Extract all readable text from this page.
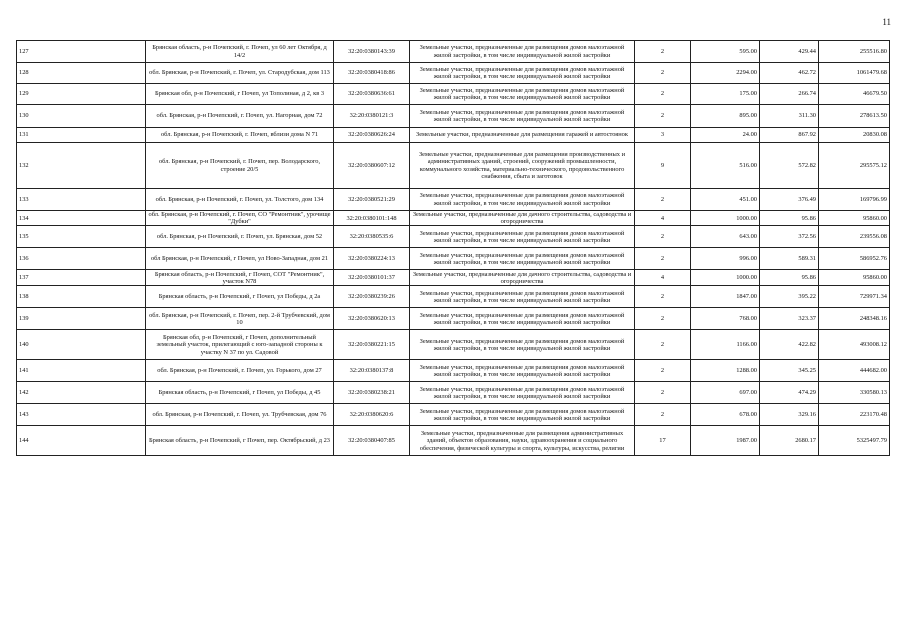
11
127	Брянская область, р-н Почепский, г. Почеп, ул 60 лет Октября, д 14/2	32:20:0380143:39	Земельные участки, предназначенные для размещения домов малоэтажной жилой застройки, в том числе индивидуальной жилой застройки	2	595.00	429.44	255516.80
128	обл. Брянская, р-н Почепский, г. Почеп, ул. Стародубская, дом 113	32:20:0380418:86	Земельные участки, предназначенные для размещения домов малоэтажной жилой застройки, в том числе индивидуальной жилой застройки	2	2294.00	462.72	1061479.68
129	Брянская обл, р-н Почепский, г Почеп, ул Тополиная, д 2, кв 3	32:20:0380636:61	Земельные участки, предназначенные для размещения домов малоэтажной жилой застройки, в том числе индивидуальной жилой застройки	2	175.00	266.74	46679.50
130	обл. Брянская, р-н Почепский, г. Почеп, ул. Нагорная, дом 72	32:20:0380121:3	Земельные участки, предназначенные для размещения домов малоэтажной жилой застройки, в том числе индивидуальной жилой застройки	2	895.00	311.30	278613.50
131	обл. Брянская, р-н Почепский, г. Почеп, вблизи дома N 71	32:20:0380626:24	Земельные участки, предназначенные для размещения гаражей и автостоянок	3	24.00	867.92	20830.08
132	обл. Брянская, р-н Почепский, г. Почеп, пер. Володарского, строение 20/5	32:20:0380607:12	Земельные участки, предназначенные для размещения производственных и административных зданий, строений, сооружений промышленности, коммунального хозяйства, материально-технического, продовольственного снабжения, сбыта и заготовок	9	516.00	572.82	295575.12
133	обл. Брянская, р-н Почепский, г. Почеп, ул. Толстого, дом 134	32:20:0380521:29	Земельные участки, предназначенные для размещения домов малоэтажной жилой застройки, в том числе индивидуальной жилой застройки	2	451.00	376.49	169796.99
134	обл. Брянская, р-н Почепский, г. Почеп, СО "Ремонтник", урочище "Дубки"	32:20:0380101:148	Земельные участки, предназначенные для дачного строительства, садоводства и огородничества	4	1000.00	95.86	95860.00
135	обл. Брянская, р-н Почепский, г. Почеп, ул. Брянская, дом 52	32:20:0380535:6	Земельные участки, предназначенные для размещения домов малоэтажной жилой застройки, в том числе индивидуальной жилой застройки	2	643.00	372.56	239556.08
136	обл Брянская, р-н Почепский, г Почеп, ул Ново-Западная, дом 21	32:20:0380224:13	Земельные участки, предназначенные для размещения домов малоэтажной жилой застройки, в том числе индивидуальной жилой застройки	2	996.00	589.31	586952.76
137	Брянская область, р-н Почепский, г Почеп, СОТ "Ремонтник", участок N78	32:20:0380101:37	Земельные участки, предназначенные для дачного строительства, садоводства и огородничества	4	1000.00	95.86	95860.00
138	Брянская область, р-н Почепский, г Почеп, ул Победы, д 2а	32:20:0380239:26	Земельные участки, предназначенные для размещения домов малоэтажной жилой застройки, в том числе индивидуальной жилой застройки	2	1847.00	395.22	729971.34
139	обл. Брянская, р-н Почепский, г. Почеп, пер. 2-й Трубчевский, дом 10	32:20:0380620:13	Земельные участки, предназначенные для размещения домов малоэтажной жилой застройки, в том числе индивидуальной жилой застройки	2	768.00	323.37	248348.16
140	Брянская обл, р-н Почепский, г Почеп, дополнительный земельный участок, прилегающий с юго-западной стороны к участку N 37 по ул. Садовой	32:20:0380221:15	Земельные участки, предназначенные для размещения домов малоэтажной жилой застройки, в том числе индивидуальной жилой застройки	2	1166.00	422.82	493008.12
141	обл. Брянская, р-н Почепский, г. Почеп, ул. Горького, дом 27	32:20:0380137:8	Земельные участки, предназначенные для размещения домов малоэтажной жилой застройки, в том числе индивидуальной жилой застройки	2	1288.00	345.25	444682.00
142	Брянская область, р-н Почепский, г Почеп, ул Победы, д 45	32:20:0380238:21	Земельные участки, предназначенные для размещения домов малоэтажной жилой застройки, в том числе индивидуальной жилой застройки	2	697.00	474.29	330580.13
143	обл. Брянская, р-н Почепский, г. Почеп, ул. Трубчевская, дом 76	32:20:0380620:6	Земельные участки, предназначенные для размещения домов малоэтажной жилой застройки, в том числе индивидуальной жилой застройки	2	678.00	329.16	223170.48
144	Брянская область, р-н Почепский, г Почеп, пер. Октябрьский, д 23	32:20:0380407:85	Земельные участки, предназначенные для размещения административных зданий, объектов образования, науки, здравоохранения и социального обеспечения, физической культуры и спорта, культуры, искусства, религии	17	1987.00	2680.17	5325497.79
